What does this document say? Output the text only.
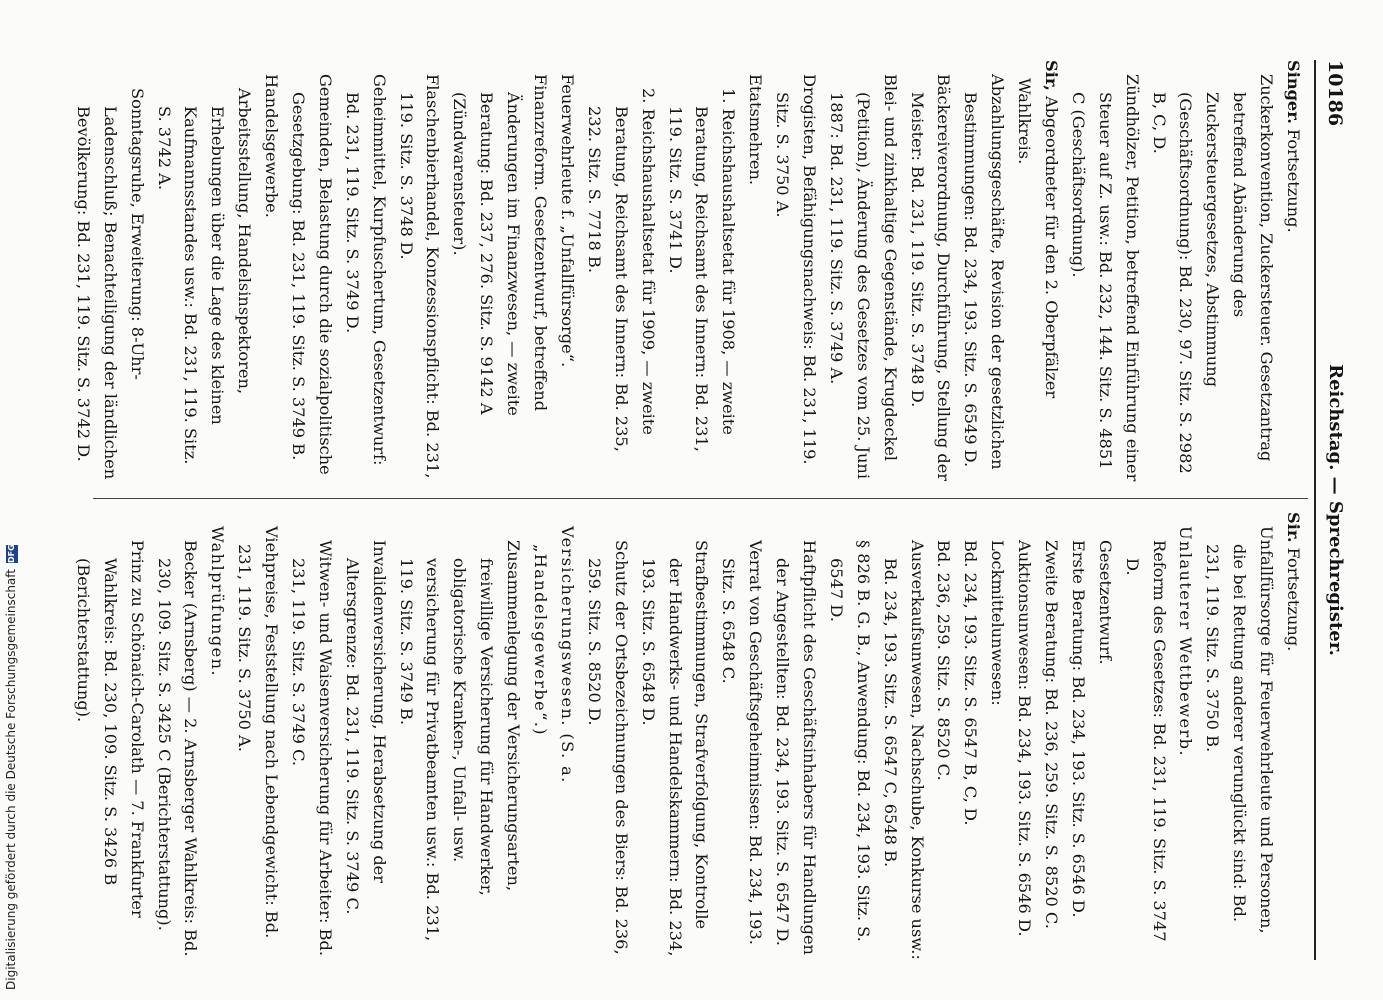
10186
Reichstag. — Sprechregister.

Singer. Fortsetzung.

Zuckerkonvention, Zuckersteuer. Gesetzantrag betreffend Abänderung des Zuckersteuergesetzes, Abstimmung (Geschäftsordnung): Bd. 230, 97. Sitz. S. 2982 B, C, D.

Zündhölzer, Petition, betreffend Einführung einer Steuer auf Z. usw.: Bd. 232, 144. Sitz. S. 4851 C (Geschäftsordnung).

Sir, Abgeordneter für den 2. Oberpfälzer Wahlkreis.

Abzahlungsgeschäfte, Revision der gesetzlichen Bestimmungen: Bd. 234, 193. Sitz. S. 6549 D.

Bäckereiverordnung, Durchführung, Stellung der Meister: Bd. 231, 119. Sitz. S. 3748 D.

Blei- und zinkhaltige Gegenstände, Krugdeckel (Petition), Änderung des Gesetzes vom 25. Juni 1887: Bd. 231, 119. Sitz. S. 3749 A.

Drogisten, Befähigungsnachweis: Bd. 231, 119. Sitz. S. 3750 A.

Etatsmehren.

1. Reichshaushaltsetat für 1908, — zweite Beratung, Reichsamt des Innern: Bd. 231, 119. Sitz. S. 3741 D.

2. Reichshaushaltsetat für 1909, — zweite Beratung, Reichsamt des Innern: Bd. 235, 232. Sitz. S. 7718 B.

Feuerwehrleute f. „Unfallfürsorge“.

Finanzreform. Gesetzentwurf, betreffend Änderungen im Finanzwesen, — zweite Beratung: Bd. 237, 276. Sitz. S. 9142 A (Zündwarensteuer).

Flaschenbierhandel, Konzessionspflicht: Bd. 231, 119. Sitz. S. 3748 D.

Geheimmittel, Kurpfuschertum, Gesetzentwurf: Bd. 231, 119. Sitz. S. 3749 D.

Gemeinden, Belastung durch die sozialpolitische Gesetzgebung: Bd. 231, 119. Sitz. S. 3749 B.

Handelsgewerbe.

Arbeitsstellung, Handelsinspektoren, Erhebungen über die Lage des kleinen Kaufmannsstandes usw.: Bd. 231, 119. Sitz. S. 3742 A.

Sonntagsruhe, Erweiterung: 8-Uhr-Ladenschluß; Benachteiligung der ländlichen Bevölkerung: Bd. 231, 119. Sitz. S. 3742 D.

Sir. Fortsetzung.

Unfallfürsorge für Feuerwehrleute und Personen, die bei Rettung anderer verunglückt sind: Bd. 231, 119. Sitz. S. 3750 B.

Unlauterer Wettbewerb.

Reform des Gesetzes: Bd. 231, 119. Sitz. S. 3747 D.

Gesetzentwurf.

Erste Beratung: Bd. 234, 193. Sitz. S. 6546 D.

Zweite Beratung: Bd. 236, 259. Sitz. S. 8520 C.

Auktionsunwesen: Bd. 234, 193. Sitz. S. 6546 D.

Lockmittelunwesen:

Bd. 234, 193. Sitz. S. 6547 B, C, D.

Bd. 236, 259. Sitz. S. 8520 C.

Ausverkaufsunwesen, Nachschube, Konkurse usw.: Bd. 234, 193. Sitz. S. 6547 C, 6548 B.

§ 826 B. G. B., Anwendung: Bd. 234, 193. Sitz. S. 6547 D.

Haftpflicht des Geschäftsinhabers für Handlungen der Angestellten: Bd. 234, 193. Sitz. S. 6547 D.

Verrat von Geschäftsgeheimnissen: Bd. 234, 193. Sitz. S. 6548 C.

Strafbestimmungen, Strafverfolgung, Kontrolle der Handwerks- und Handelskammern: Bd. 234, 193. Sitz. S. 6548 D.

Schutz der Ortsbezeichnungen des Biers: Bd. 236, 259. Sitz. S. 8520 D.

Versicherungswesen. (S. a. „Handelsgewerbe“.)

Zusammenlegung der Versicherungsarten, freiwillige Versicherung für Handwerker, obligatorische Kranken-, Unfall- usw. versicherung für Privatbeamten usw.: Bd. 231, 119. Sitz. S. 3749 B.

Invalidenversicherung, Herabsetzung der Altersgrenze: Bd. 231, 119. Sitz. S. 3749 C.

Witwen- und Waisenversicherung für Arbeiter: Bd. 231, 119. Sitz. S. 3749 C.

Viehpreise, Feststellung nach Lebendgewicht: Bd. 231, 119. Sitz. S. 3750 A.

Wahlprüfungen.

Becker (Arnsberg) — 2. Arnsberger Wahlkreis: Bd. 230, 109. Sitz. S. 3425 C (Berichterstattung).

Prinz zu Schönaich-Carolath — 7. Frankfurter Wahlkreis: Bd. 230, 109. Sitz. S. 3426 B (Berichterstattung).

Digitalisierung gefördert durch die Deutsche ForschungsgemeinschaftDFG
